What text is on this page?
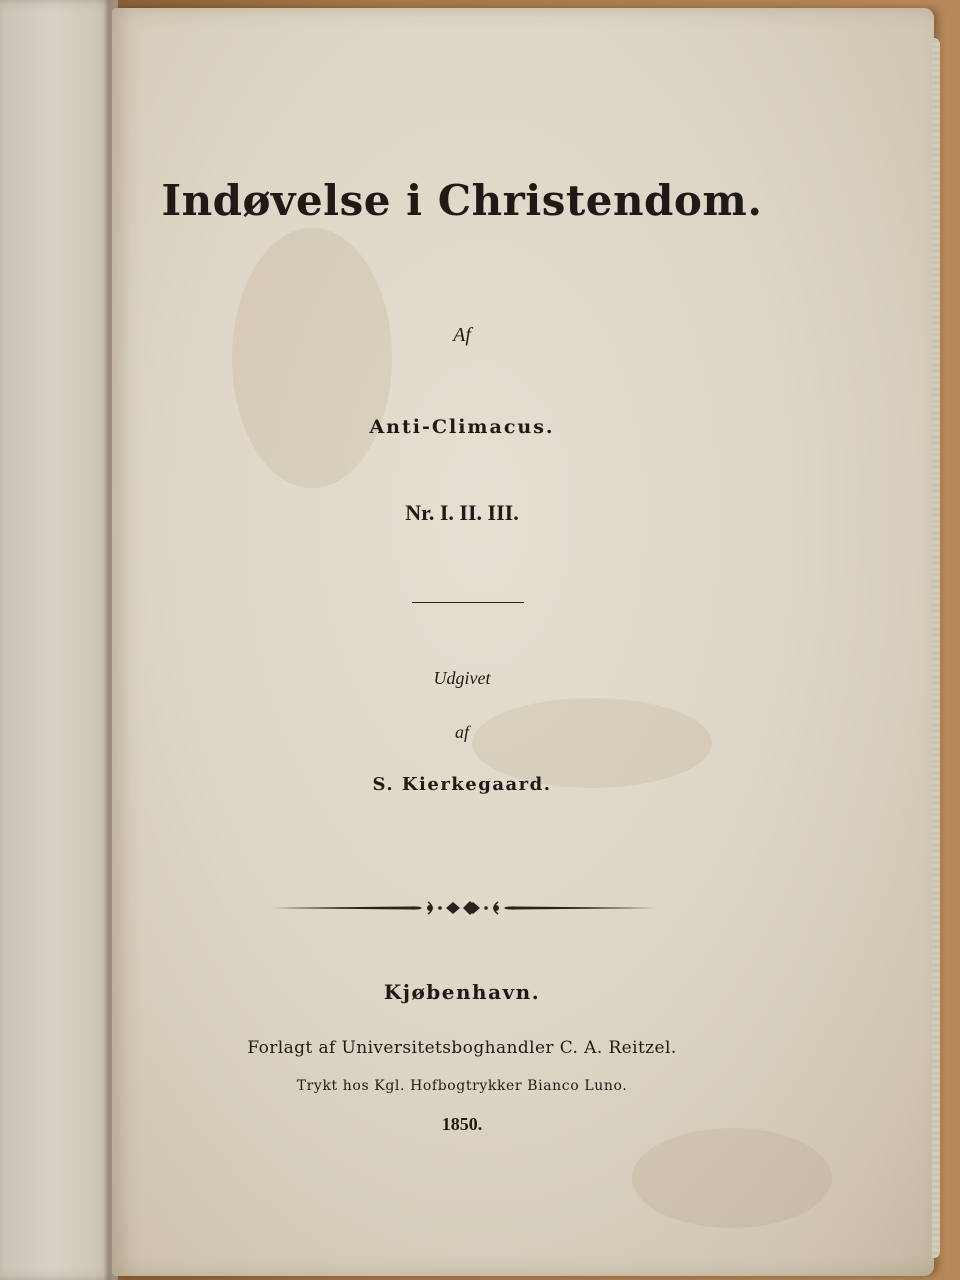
Indøvelse i Christendom.
Af
Anti-Climacus.
Nr. I. II. III.
Udgivet
af
S. Kierkegaard.
Kjøbenhavn.
Forlagt af Universitetsboghandler C. A. Reitzel.
Trykt hos Kgl. Hofbogtrykker Bianco Luno.
1850.
